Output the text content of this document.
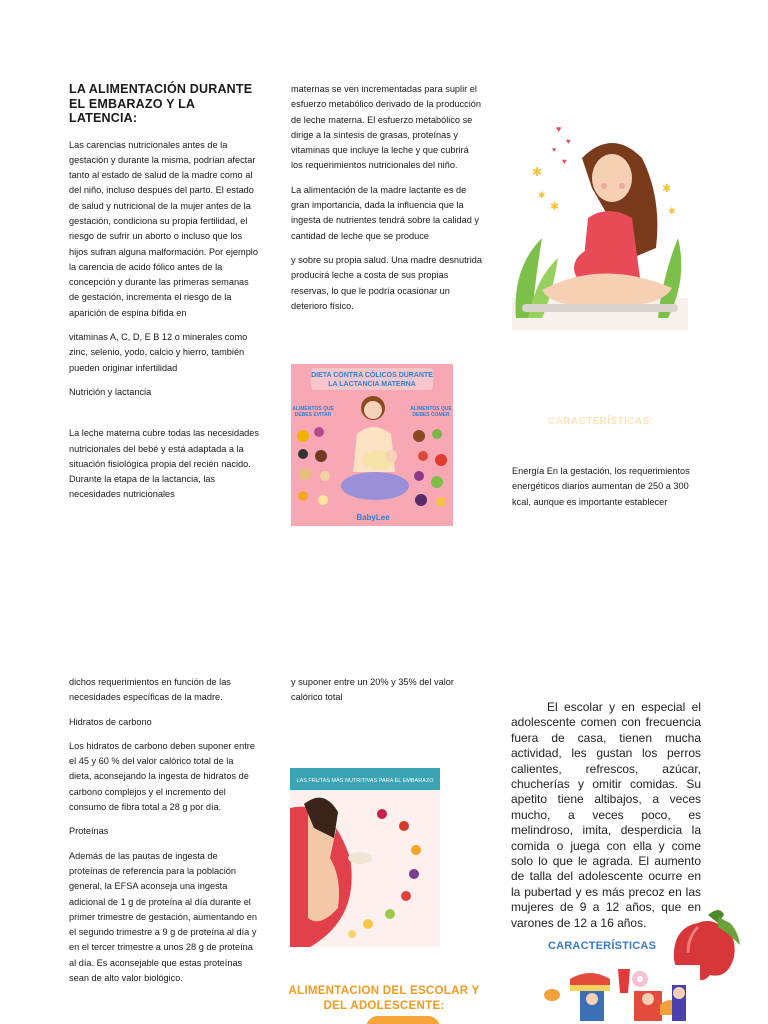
LA ALIMENTACIÓN DURANTE EL EMBARAZO Y LA LATENCIA:

Las carencias nutricionales antes de la gestación y durante la misma, podrían afectar tanto al estado de salud de la madre como al del niño, incluso después del parto. El estado de salud y nutricional de la mujer antes de la gestación, condiciona su propia fertilidad, el riesgo de sufrir un aborto o incluso que los hijos sufran alguna malformación. Por ejemplo la carencia de acido fólico antes de la concepción y durante las primeras semanas de gestación, incrementa el riesgo de la aparición de espina bífida en

vitaminas A, C, D, E B 12 o minerales como zinc, selenio, yodo, calcio y hierro, también pueden originar infertilidad

Nutrición y lactancia

La leche materna cubre todas las necesidades nutricionales del bebé y está adaptada a la situación fisiológica propia del recién nacido. Durante la etapa de la lactancia, las necesidades nutricionales

dichos requerimientos en función de las necesidades específicas de la madre.

Hidratos de carbono

Los hidratos de carbono deben suponer entre el 45 y 60 % del valor calórico total de la dieta, aconsejando la ingesta de hidratos de carbono complejos y el incremento del consumo de fibra total a 28 g por día.

Proteínas

Además de las pautas de ingesta de proteínas de referencia para la población general, la EFSA aconseja una ingesta adicional de 1 g de proteína al día durante el primer trimestre de gestación, aumentando en el segundo trimestre a 9 g de proteína al día y en el tercer trimestre a unos 28 g de proteína al día. Es aconsejable que estas proteínas sean de alto valor biológico.

maternas se ven incrementadas para suplir el esfuerzo metabólico derivado de la producción de leche materna. El esfuerzo metabólico se dirige a la síntesis de grasas, proteínas y vitaminas que incluye la leche y que cubrirá los requerimientos nutricionales del niño.

La alimentación de la madre lactante es de gran importancia, dada la influencia que la ingesta de nutrientes tendrá sobre la calidad y cantidad de leche que se produce

y sobre su propia salud. Una madre desnutrida producirá leche a costa de sus propias reservas, lo que le podría ocasionar un deterioro físico.

DIETA CONTRA CÓLICOS DURANTE
LA LACTANCIA MATERNA
ALIMENTOS QUE
DEBES EVITAR
ALIMENTOS QUE
DEBES COMER
BabyLee

y suponer entre un 20% y 35% del valor calórico total

LAS FRUTAS MÁS NUTRITIVAS PARA EL EMBARAZO
ALIMENTACION DEL ESCOLAR Y DEL ADOLESCENTE:
♥
♥
♥
♥
✱
✱
✱
✱
✱
CARACTERÍSTICAS:

Energía En la gestación, los requerimientos energéticos diarios aumentan de 250 a 300 kcal, aunque es importante establecer

El escolar y en especial el adolescente comen con frecuencia fuera de casa, tienen mucha actividad, les gustan los perros calientes, refrescos, azúcar, chucherías y omitir comidas. Su apetito tiene altibajos, a veces mucho, a veces poco, es melindroso, imita, desperdicia la comida o juega con ella y come solo lo que le agrada. El aumento de talla del adolescente ocurre en la pubertad y es más precoz en las mujeres de 9 a 12 años, que en varones de 12 a 16 años.
CARACTERÍSTICAS
